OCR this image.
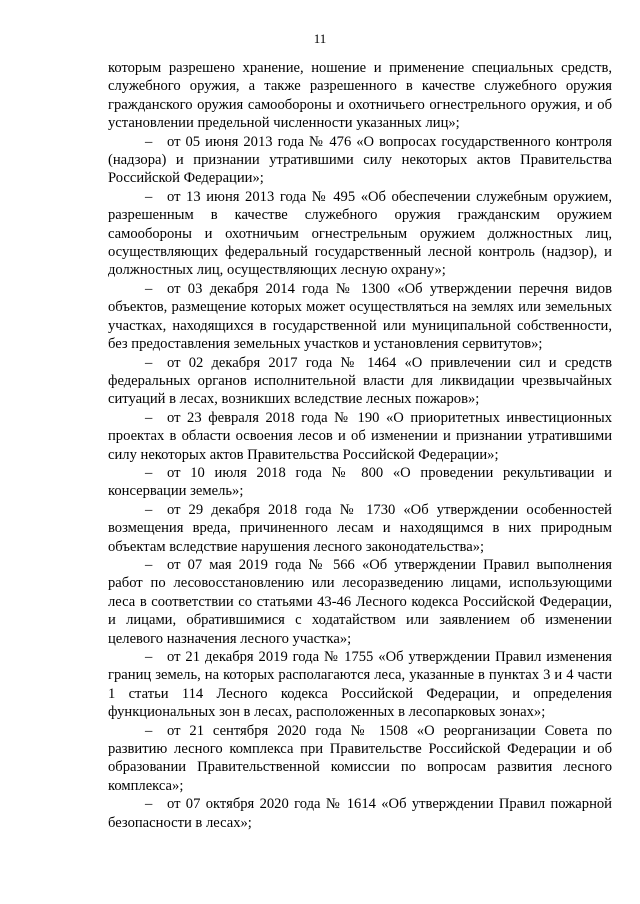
11

которым разрешено хранение, ношение и применение специальных средств, служебного оружия, а также разрешенного в качестве служебного оружия гражданского оружия самообороны и охотничьего огнестрельного оружия, и об установлении предельной численности указанных лиц»;

– от 05 июня 2013 года № 476 «О вопросах государственного контроля (надзора) и признании утратившими силу некоторых актов Правительства Российской Федерации»;

– от 13 июня 2013 года № 495 «Об обеспечении служебным оружием, разрешенным в качестве служебного оружия гражданским оружием самообороны и охотничьим огнестрельным оружием должностных лиц, осуществляющих федеральный государственный лесной контроль (надзор), и должностных лиц, осуществляющих лесную охрану»;

– от 03 декабря 2014 года № 1300 «Об утверждении перечня видов объектов, размещение которых может осуществляться на землях или земельных участках, находящихся в государственной или муниципальной собственности, без предоставления земельных участков и установления сервитутов»;

– от 02 декабря 2017 года № 1464 «О привлечении сил и средств федеральных органов исполнительной власти для ликвидации чрезвычайных ситуаций в лесах, возникших вследствие лесных пожаров»;

– от 23 февраля 2018 года № 190 «О приоритетных инвестиционных проектах в области освоения лесов и об изменении и признании утратившими силу некоторых актов Правительства Российской Федерации»;

– от 10 июля 2018 года № 800 «О проведении рекультивации и консервации земель»;

– от 29 декабря 2018 года № 1730 «Об утверждении особенностей возмещения вреда, причиненного лесам и находящимся в них природным объектам вследствие нарушения лесного законодательства»;

– от 07 мая 2019 года № 566 «Об утверждении Правил выполнения работ по лесовосстановлению или лесоразведению лицами, использующими леса в соответствии со статьями 43-46 Лесного кодекса Российской Федерации, и лицами, обратившимися с ходатайством или заявлением об изменении целевого назначения лесного участка»;

– от 21 декабря 2019 года № 1755 «Об утверждении Правил изменения границ земель, на которых располагаются леса, указанные в пунктах 3 и 4 части 1 статьи 114 Лесного кодекса Российской Федерации, и определения функциональных зон в лесах, расположенных в лесопарковых зонах»;

– от 21 сентября 2020 года № 1508 «О реорганизации Совета по развитию лесного комплекса при Правительстве Российской Федерации и об образовании Правительственной комиссии по вопросам развития лесного комплекса»;

– от 07 октября 2020 года № 1614 «Об утверждении Правил пожарной безопасности в лесах»;
